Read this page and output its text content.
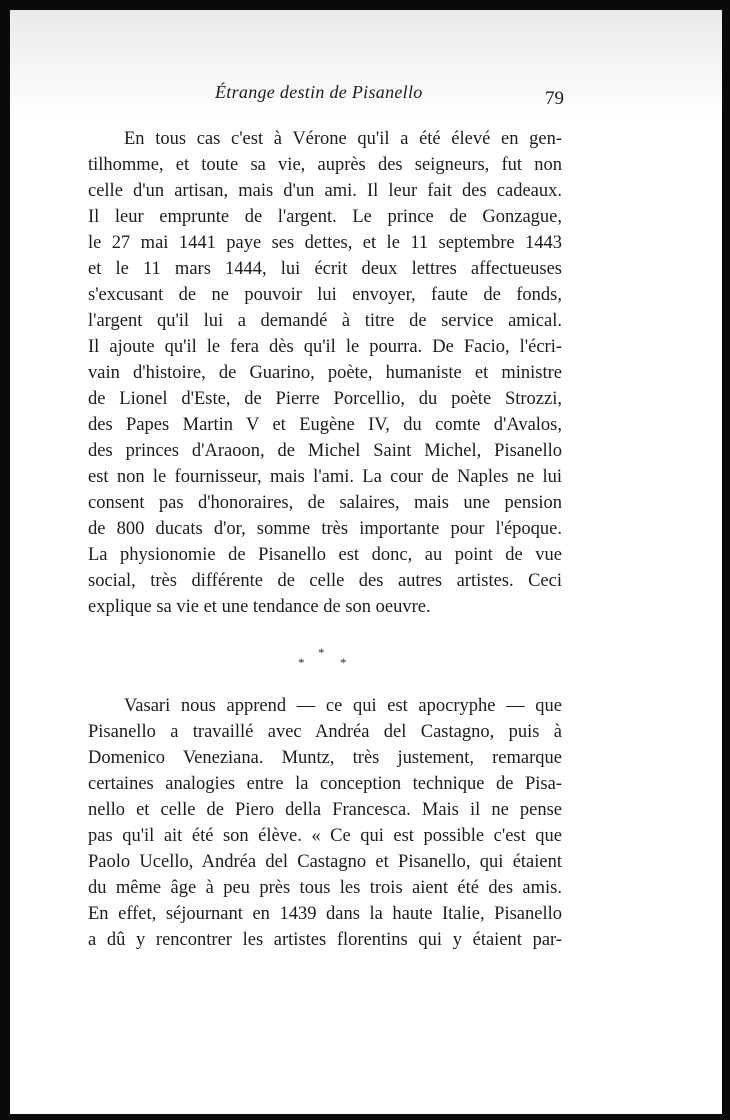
Étrange destin de Pisanello	79
En tous cas c'est à Vérone qu'il a été élevé en gen-
tilhomme, et toute sa vie, auprès des seigneurs, fut non
celle d'un artisan, mais d'un ami. Il leur fait des cadeaux.
Il leur emprunte de l'argent. Le prince de Gonzague,
le 27 mai 1441 paye ses dettes, et le 11 septembre 1443
et le 11 mars 1444, lui écrit deux lettres affectueuses
s'excusant de ne pouvoir lui envoyer, faute de fonds,
l'argent qu'il lui a demandé à titre de service amical.
Il ajoute qu'il le fera dès qu'il le pourra. De Facio, l'écri-
vain d'histoire, de Guarino, poète, humaniste et ministre
de Lionel d'Este, de Pierre Porcellio, du poète Strozzi,
des Papes Martin V et Eugène IV, du comte d'Avalos,
des princes d'Araoon, de Michel Saint Michel, Pisanello
est non le fournisseur, mais l'ami. La cour de Naples ne lui
consent pas d'honoraires, de salaires, mais une pension
de 800 ducats d'or, somme très importante pour l'époque.
La physionomie de Pisanello est donc, au point de vue
social, très différente de celle des autres artistes. Ceci
explique sa vie et une tendance de son oeuvre.
*
*	*
Vasari nous apprend — ce qui est apocryphe — que
Pisanello a travaillé avec Andréa del Castagno, puis à
Domenico Veneziana. Muntz, très justement, remarque
certaines analogies entre la conception technique de Pisa-
nello et celle de Piero della Francesca. Mais il ne pense
pas qu'il ait été son élève. « Ce qui est possible c'est que
Paolo Ucello, Andréa del Castagno et Pisanello, qui étaient
du même âge à peu près tous les trois aient été des amis.
En effet, séjournant en 1439 dans la haute Italie, Pisanello
a dû y rencontrer les artistes florentins qui y étaient par-
